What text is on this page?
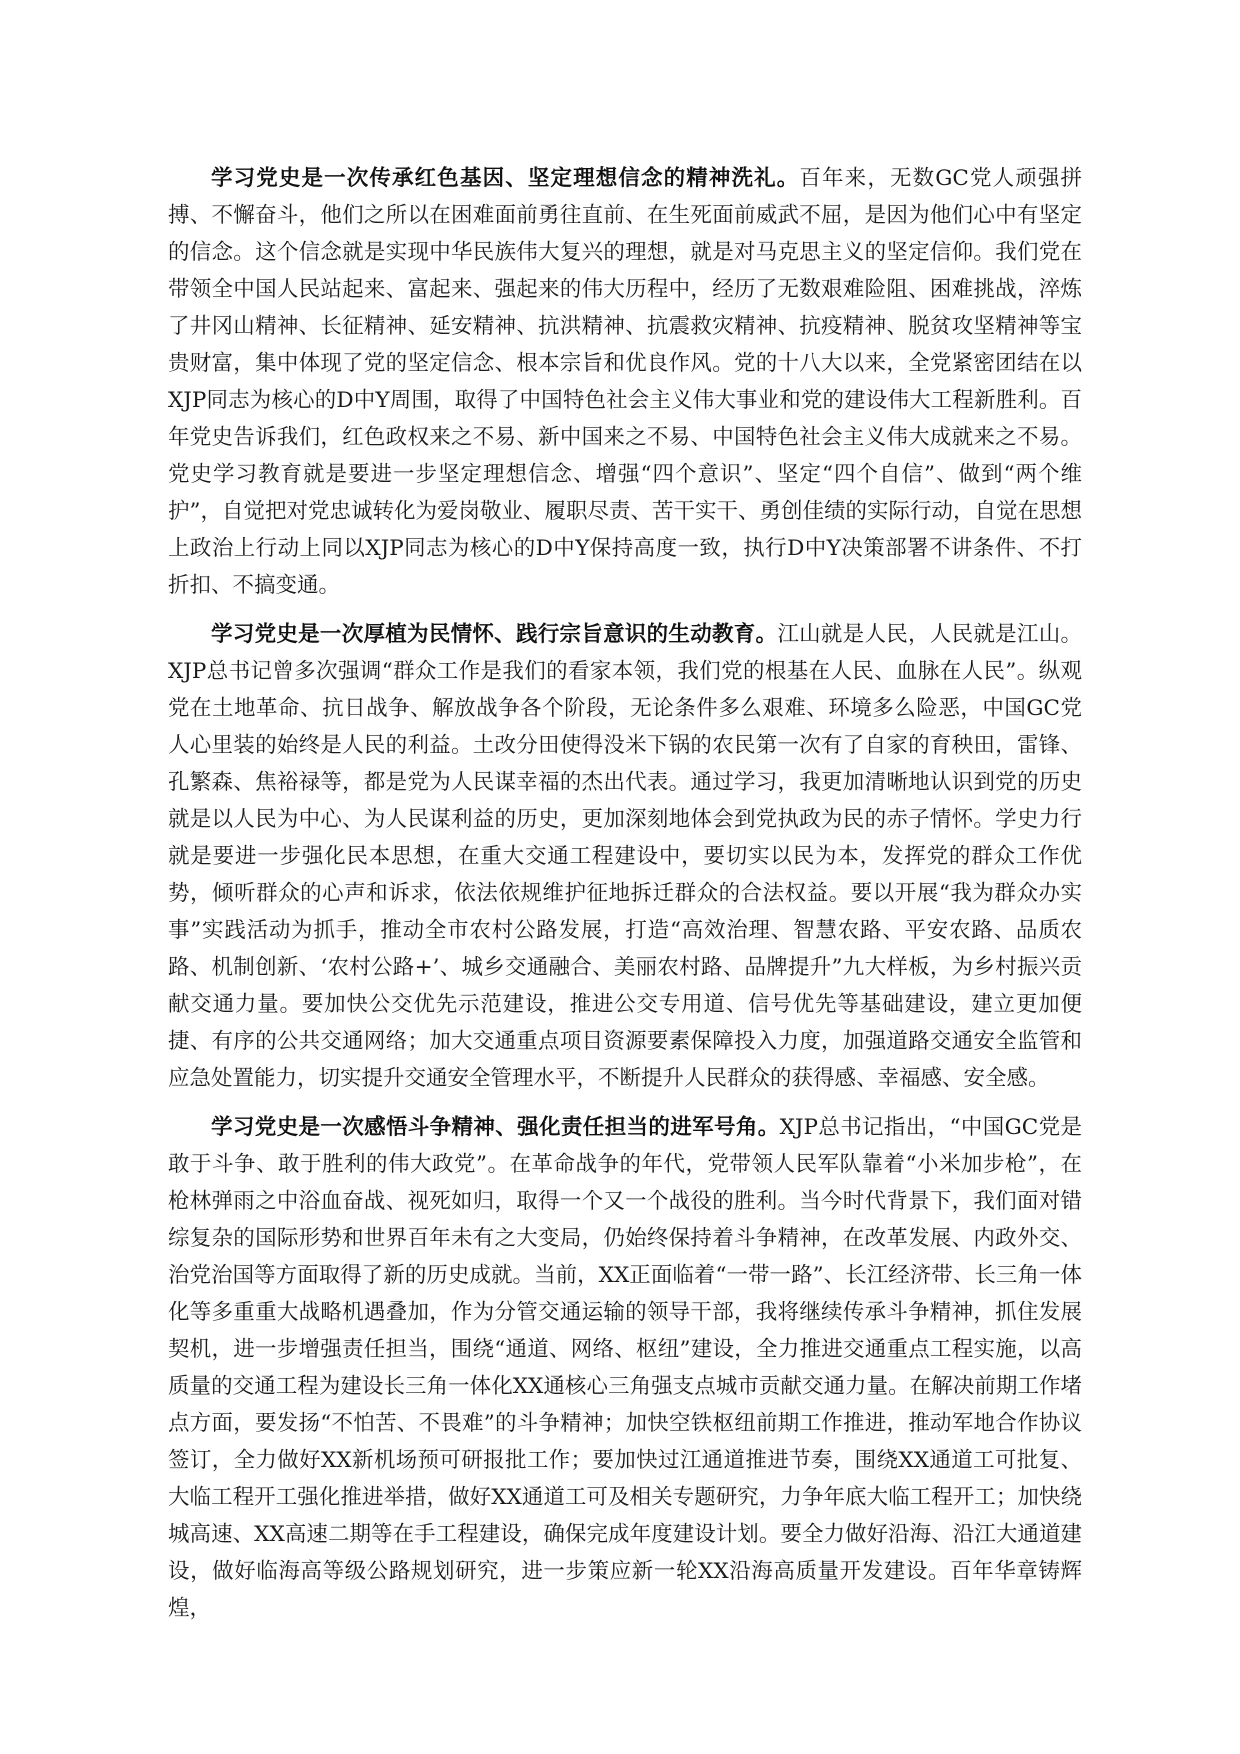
学习党史是一次传承红色基因、坚定理想信念的精神洗礼。百年来，无数GC党人顽强拼搏、不懈奋斗，他们之所以在困难面前勇往直前、在生死面前威武不屈，是因为他们心中有坚定的信念。这个信念就是实现中华民族伟大复兴的理想，就是对马克思主义的坚定信仰。我们党在带领全中国人民站起来、富起来、强起来的伟大历程中，经历了无数艰难险阻、困难挑战，淬炼了井冈山精神、长征精神、延安精神、抗洪精神、抗震救灾精神、抗疫精神、脱贫攻坚精神等宝贵财富，集中体现了党的坚定信念、根本宗旨和优良作风。党的十八大以来，全党紧密团结在以XJP同志为核心的D中Y周围，取得了中国特色社会主义伟大事业和党的建设伟大工程新胜利。百年党史告诉我们，红色政权来之不易、新中国来之不易、中国特色社会主义伟大成就来之不易。党史学习教育就是要进一步坚定理想信念、增强“四个意识”、坚定“四个自信”、做到“两个维护”，自觉把对党忠诚转化为爱岗敬业、履职尽责、苦干实干、勇创佳绩的实际行动，自觉在思想上政治上行动上同以XJP同志为核心的D中Y保持高度一致，执行D中Y决策部署不讲条件、不打折扣、不搞变通。

学习党史是一次厚植为民情怀、践行宗旨意识的生动教育。江山就是人民，人民就是江山。XJP总书记曾多次强调“群众工作是我们的看家本领，我们党的根基在人民、血脉在人民”。纵观党在土地革命、抗日战争、解放战争各个阶段，无论条件多么艰难、环境多么险恶，中国GC党人心里装的始终是人民的利益。土改分田使得没米下锅的农民第一次有了自家的育秧田，雷锋、孔繁森、焦裕禄等，都是党为人民谋幸福的杰出代表。通过学习，我更加清晰地认识到党的历史就是以人民为中心、为人民谋利益的历史，更加深刻地体会到党执政为民的赤子情怀。学史力行就是要进一步强化民本思想，在重大交通工程建设中，要切实以民为本，发挥党的群众工作优势，倾听群众的心声和诉求，依法依规维护征地拆迁群众的合法权益。要以开展“我为群众办实事”实践活动为抓手，推动全市农村公路发展，打造“高效治理、智慧农路、平安农路、品质农路、机制创新、‘农村公路+’、城乡交通融合、美丽农村路、品牌提升”九大样板，为乡村振兴贡献交通力量。要加快公交优先示范建设，推进公交专用道、信号优先等基础建设，建立更加便捷、有序的公共交通网络；加大交通重点项目资源要素保障投入力度，加强道路交通安全监管和应急处置能力，切实提升交通安全管理水平，不断提升人民群众的获得感、幸福感、安全感。

学习党史是一次感悟斗争精神、强化责任担当的进军号角。XJP总书记指出，“中国GC党是敢于斗争、敢于胜利的伟大政党”。在革命战争的年代，党带领人民军队靠着“小米加步枪”，在枪林弹雨之中浴血奋战、视死如归，取得一个又一个战役的胜利。当今时代背景下，我们面对错综复杂的国际形势和世界百年未有之大变局，仍始终保持着斗争精神，在改革发展、内政外交、治党治国等方面取得了新的历史成就。当前，XX正面临着“一带一路”、长江经济带、长三角一体化等多重重大战略机遇叠加，作为分管交通运输的领导干部，我将继续传承斗争精神，抓住发展契机，进一步增强责任担当，围绕“通道、网络、枢纽”建设，全力推进交通重点工程实施，以高质量的交通工程为建设长三角一体化XX通核心三角强支点城市贡献交通力量。在解决前期工作堵点方面，要发扬“不怕苦、不畏难”的斗争精神；加快空铁枢纽前期工作推进，推动军地合作协议签订，全力做好XX新机场预可研报批工作；要加快过江通道推进节奏，围绕XX通道工可批复、大临工程开工强化推进举措，做好XX通道工可及相关专题研究，力争年底大临工程开工；加快绕城高速、XX高速二期等在手工程建设，确保完成年度建设计划。要全力做好沿海、沿江大通道建设，做好临海高等级公路规划研究，进一步策应新一轮XX沿海高质量开发建设。百年华章铸辉煌，
